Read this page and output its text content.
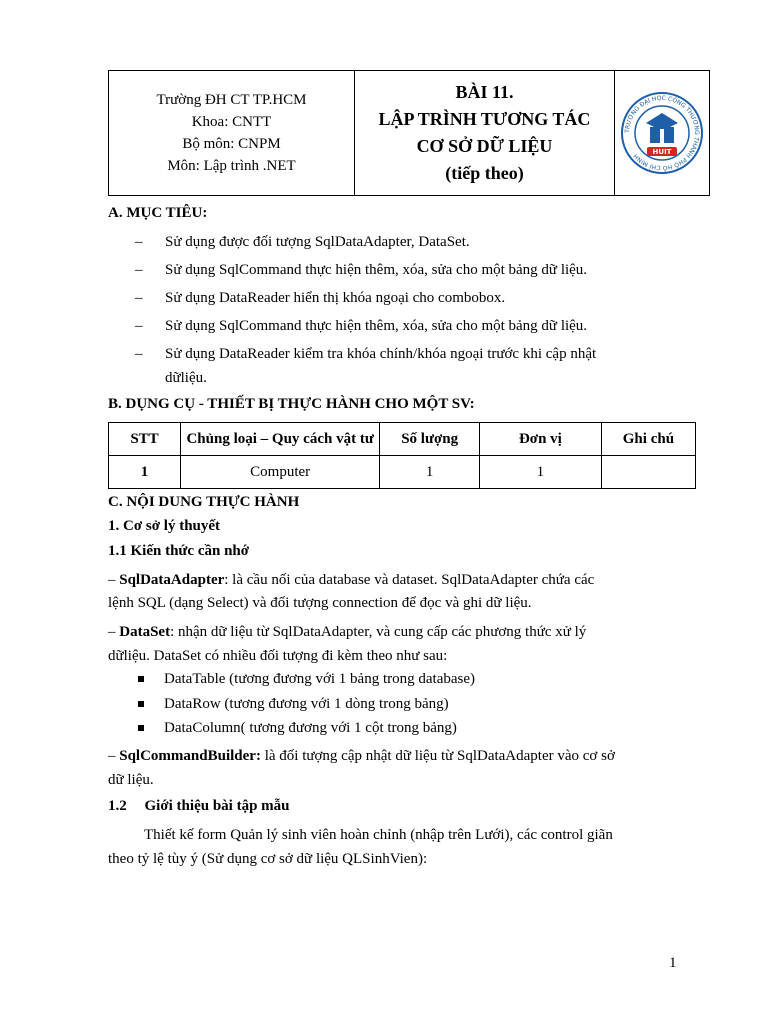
Trường ĐH CT TP.HCM
Khoa: CNTT
Bộ môn: CNPM
Môn: Lập trình .NET
BÀI 11.
LẬP TRÌNH TƯƠNG TÁC
CƠ SỞ DỮ LIỆU
(tiếp theo)
TRƯỜNG ĐẠI HỌC CÔNG THƯƠNG THÀNH PHỐ HỒ CHÍ MINH
HUIT
A. MỤC TIÊU:
– Sử dụng được đối tượng SqlDataAdapter, DataSet.
– Sử dụng SqlCommand thực hiện thêm, xóa, sửa cho một bảng dữ liệu.
– Sử dụng DataReader hiển thị khóa ngoại cho combobox.
– Sử dụng SqlCommand thực hiện thêm, xóa, sửa cho một bảng dữ liệu.
– Sử dụng DataReader kiểm tra khóa chính/khóa ngoại trước khi cập nhật
dữliệu.
B. DỤNG CỤ - THIẾT BỊ THỰC HÀNH CHO MỘT SV:
STT	Chủng loại – Quy cách vật tư	Số lượng	Đơn vị	Ghi chú
1	Computer	1	1	
C. NỘI DUNG THỰC HÀNH
1. Cơ sở lý thuyết
1.1 Kiến thức cần nhớ
– SqlDataAdapter: là cầu nối của database và dataset. SqlDataAdapter chứa các
lệnh SQL (dạng Select) và đối tượng connection để đọc và ghi dữ liệu.
– DataSet: nhận dữ liệu từ SqlDataAdapter, và cung cấp các phương thức xử lý
dữliệu. DataSet có nhiều đối tượng đi kèm theo như sau:
DataTable (tương đương với 1 bảng trong database)
DataRow (tương đương với 1 dòng trong bảng)
DataColumn( tương đương với 1 cột trong bảng)
– SqlCommandBuilder: là đối tượng cập nhật dữ liệu từ SqlDataAdapter vào cơ sở
dữ liệu.
1.2 Giới thiệu bài tập mẫu
Thiết kế form Quản lý sinh viên hoàn chỉnh (nhập trên Lưới), các control giãn
theo tỷ lệ tùy ý (Sử dụng cơ sở dữ liệu QLSinhVien):
1
